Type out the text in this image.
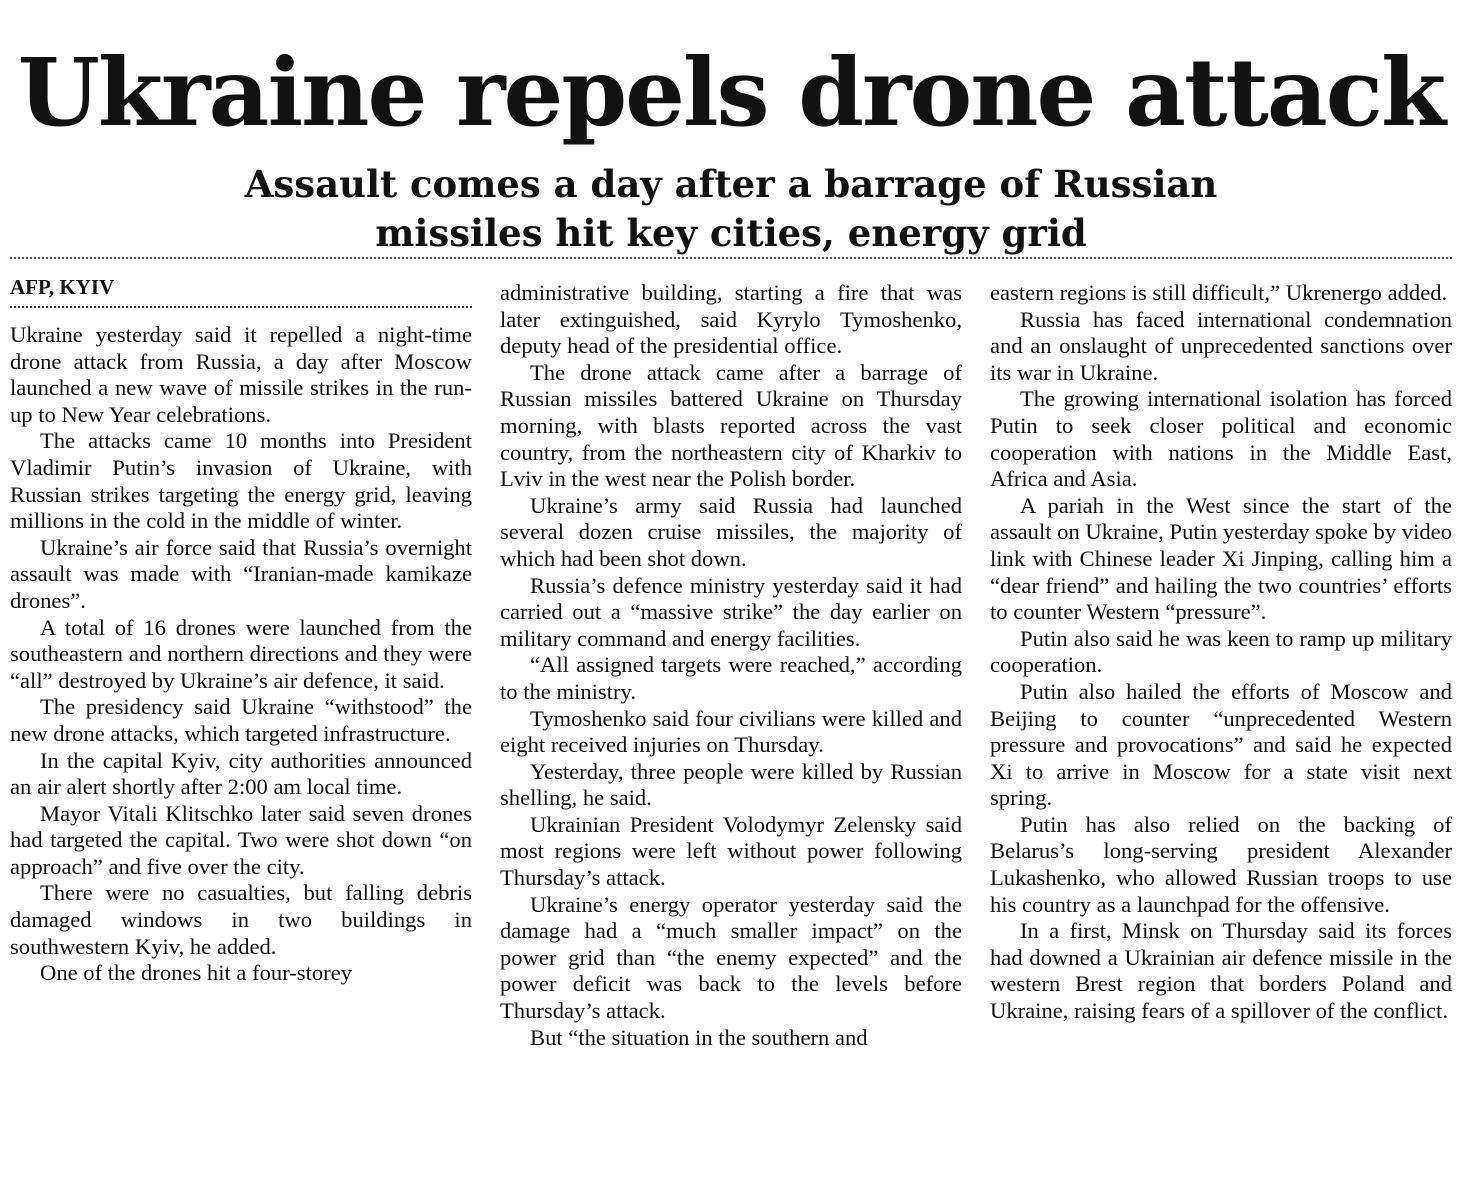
Ukraine repels drone attack
Assault comes a day after a barrage of Russian
missiles hit key cities, energy grid
AFP, KYIV

Ukraine yesterday said it repelled a night-time drone attack from Russia, a day after Moscow launched a new wave of missile strikes in the run-up to New Year celebrations.

The attacks came 10 months into President Vladimir Putin’s invasion of Ukraine, with Russian strikes targeting the energy grid, leaving millions in the cold in the middle of winter.

Ukraine’s air force said that Russia’s overnight assault was made with “Iranian-made kamikaze drones”.

A total of 16 drones were launched from the southeastern and northern directions and they were “all” destroyed by Ukraine’s air defence, it said.

The presidency said Ukraine “withstood” the new drone attacks, which targeted infrastructure.

In the capital Kyiv, city authorities announced an air alert shortly after 2:00 am local time.

Mayor Vitali Klitschko later said seven drones had targeted the capital. Two were shot down “on approach” and five over the city.

There were no casualties, but falling debris damaged windows in two buildings in southwestern Kyiv, he added.

One of the drones hit a four-storey

administrative building, starting a fire that was later extinguished, said Kyrylo Tymoshenko, deputy head of the presidential office.

The drone attack came after a barrage of Russian missiles battered Ukraine on Thursday morning, with blasts reported across the vast country, from the northeastern city of Kharkiv to Lviv in the west near the Polish border.

Ukraine’s army said Russia had launched several dozen cruise missiles, the majority of which had been shot down.

Russia’s defence ministry yesterday said it had carried out a “massive strike” the day earlier on military command and energy facilities.

“All assigned targets were reached,” according to the ministry.

Tymoshenko said four civilians were killed and eight received injuries on Thursday.

Yesterday, three people were killed by Russian shelling, he said.

Ukrainian President Volodymyr Zelensky said most regions were left without power following Thursday’s attack.

Ukraine’s energy operator yesterday said the damage had a “much smaller impact” on the power grid than “the enemy expected” and the power deficit was back to the levels before Thursday’s attack.

But “the situation in the southern and

eastern regions is still difficult,” Ukrenergo added.

Russia has faced international condemnation and an onslaught of unprecedented sanctions over its war in Ukraine.

The growing international isolation has forced Putin to seek closer political and economic cooperation with nations in the Middle East, Africa and Asia.

A pariah in the West since the start of the assault on Ukraine, Putin yesterday spoke by video link with Chinese leader Xi Jinping, calling him a “dear friend” and hailing the two countries’ efforts to counter Western “pressure”.

Putin also said he was keen to ramp up military cooperation.

Putin also hailed the efforts of Moscow and Beijing to counter “unprecedented Western pressure and provocations” and said he expected Xi to arrive in Moscow for a state visit next spring.

Putin has also relied on the backing of Belarus’s long-serving president Alexander Lukashenko, who allowed Russian troops to use his country as a launchpad for the offensive.

In a first, Minsk on Thursday said its forces had downed a Ukrainian air defence missile in the western Brest region that borders Poland and Ukraine, raising fears of a spillover of the conflict.
